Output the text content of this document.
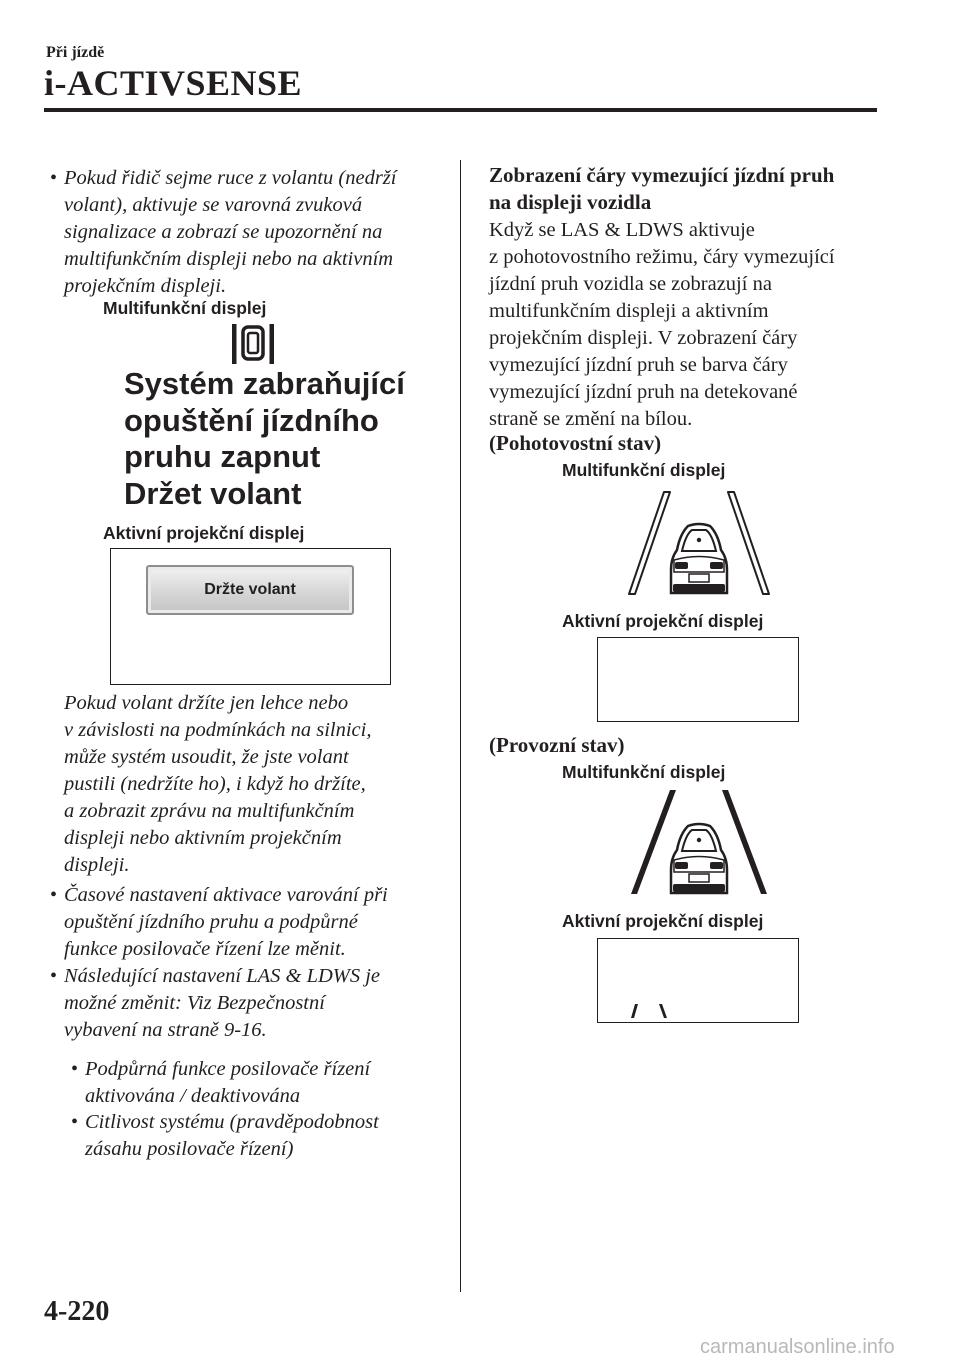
Při jízdě
i-ACTIVSENSE
• Pokud řidič sejme ruce z volantu (nedrží
volant), aktivuje se varovná zvuková
signalizace a zobrazí se upozornění na
multifunkčním displeji nebo na aktivním
projekčním displeji.
Multifunkční displej
Systém zabraňující
opuštění jízdního
pruhu zapnut
Držet volant
Aktivní projekční displej
Držte volant
Pokud volant držíte jen lehce nebo
v závislosti na podmínkách na silnici,
může systém usoudit, že jste volant
pustili (nedržíte ho), i když ho držíte,
a zobrazit zprávu na multifunkčním
displeji nebo aktivním projekčním
displeji.
• Časové nastavení aktivace varování při
opuštění jízdního pruhu a podpůrné
funkce posilovače řízení lze měnit.
• Následující nastavení LAS & LDWS je
možné změnit: Viz Bezpečnostní
vybavení na straně 9-16.
• Podpůrná funkce posilovače řízení
aktivována / deaktivována
• Citlivost systému (pravděpodobnost
zásahu posilovače řízení)
Zobrazení čáry vymezující jízdní pruh
na displeji vozidla
Když se LAS & LDWS aktivuje
z pohotovostního režimu, čáry vymezující
jízdní pruh vozidla se zobrazují na
multifunkčním displeji a aktivním
projekčním displeji. V zobrazení čáry
vymezující jízdní pruh se barva čáry
vymezující jízdní pruh na detekované
straně se změní na bílou.
(Pohotovostní stav)
Multifunkční displej
Aktivní projekční displej
(Provozní stav)
Multifunkční displej
Aktivní projekční displej
4-220
carmanualsonline.info
